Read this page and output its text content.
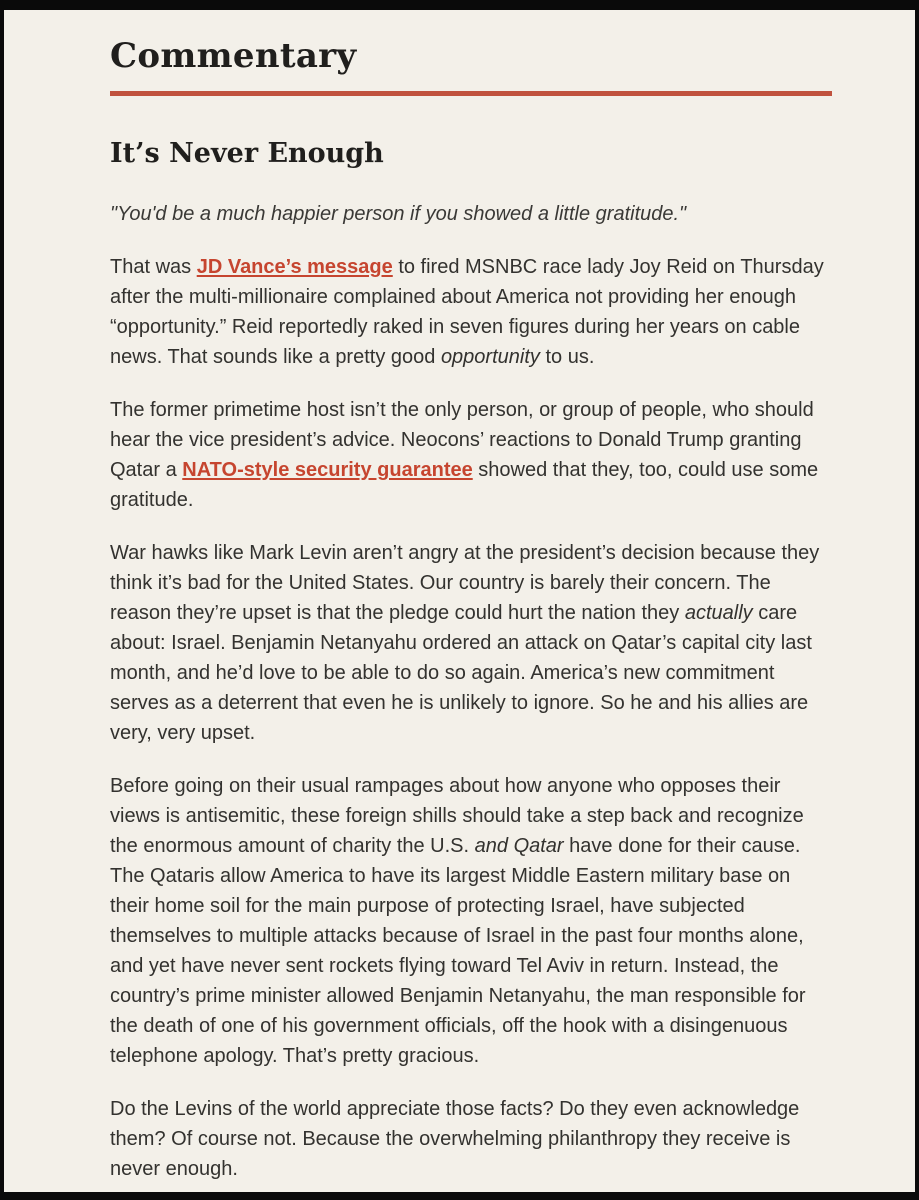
Commentary
It’s Never Enough

"You'd be a much happier person if you showed a little gratitude."

That was JD Vance’s message to fired MSNBC race lady Joy Reid on Thursday after the multi-millionaire complained about America not providing her enough “opportunity.” Reid reportedly raked in seven figures during her years on cable news. That sounds like a pretty good opportunity to us.

The former primetime host isn’t the only person, or group of people, who should hear the vice president’s advice. Neocons’ reactions to Donald Trump granting Qatar a NATO-style security guarantee showed that they, too, could use some gratitude.

War hawks like Mark Levin aren’t angry at the president’s decision because they think it’s bad for the United States. Our country is barely their concern. The reason they’re upset is that the pledge could hurt the nation they actually care about: Israel. Benjamin Netanyahu ordered an attack on Qatar’s capital city last month, and he’d love to be able to do so again. America’s new commitment serves as a deterrent that even he is unlikely to ignore. So he and his allies are very, very upset.

Before going on their usual rampages about how anyone who opposes their views is antisemitic, these foreign shills should take a step back and recognize the enormous amount of charity the U.S. and Qatar have done for their cause. The Qataris allow America to have its largest Middle Eastern military base on their home soil for the main purpose of protecting Israel, have subjected themselves to multiple attacks because of Israel in the past four months alone, and yet have never sent rockets flying toward Tel Aviv in return. Instead, the country’s prime minister allowed Benjamin Netanyahu, the man responsible for the death of one of his government officials, off the hook with a disingenuous telephone apology. That’s pretty gracious.

Do the Levins of the world appreciate those facts? Do they even acknowledge them? Of course not. Because the overwhelming philanthropy they receive is never enough.
